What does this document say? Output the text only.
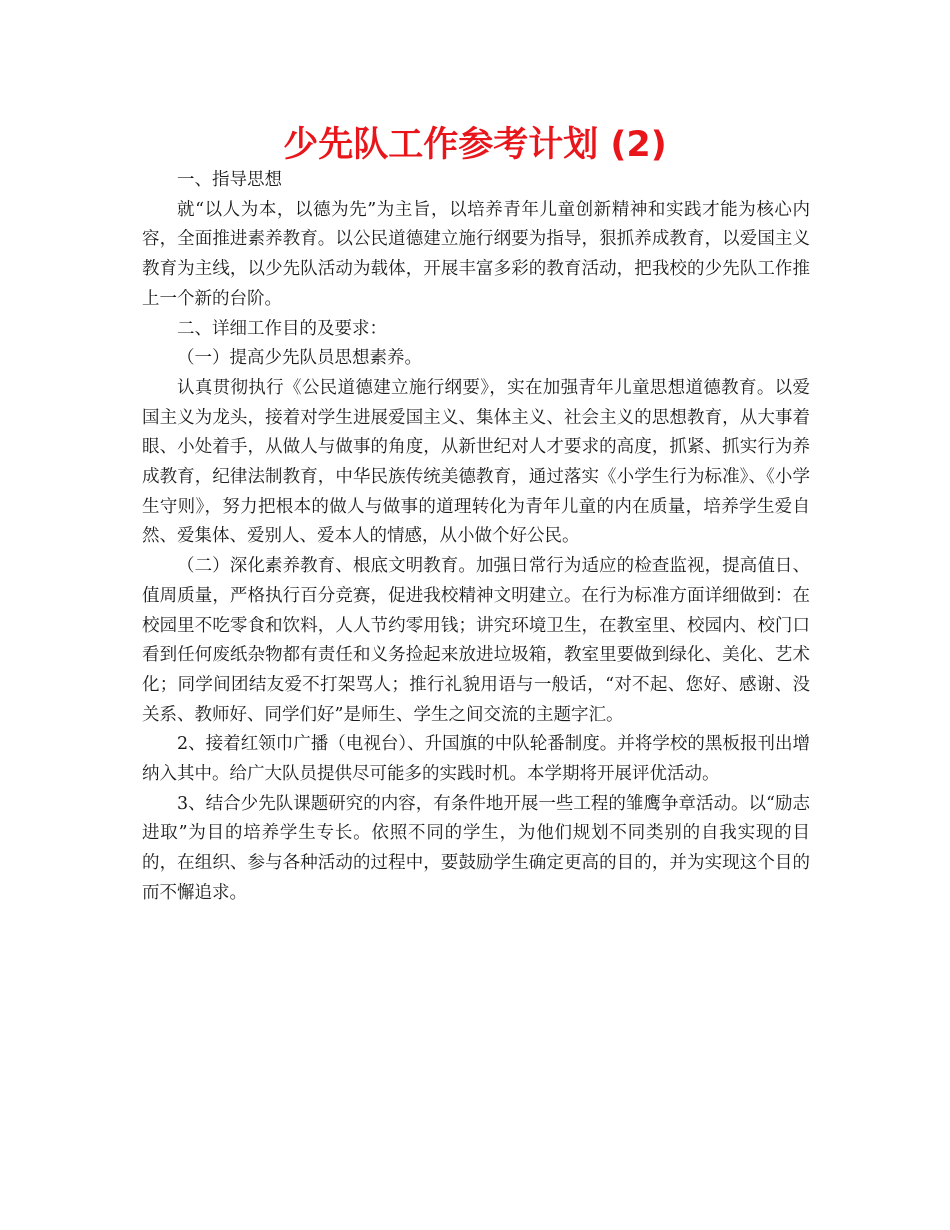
少先队工作参考计划 (2)

一、指导思想

就“以人为本，以德为先”为主旨，以培养青年儿童创新精神和实践才能为核心内容，全面推进素养教育。以公民道德建立施行纲要为指导，狠抓养成教育，以爱国主义教育为主线，以少先队活动为载体，开展丰富多彩的教育活动，把我校的少先队工作推上一个新的台阶。

二、详细工作目的及要求：

（一）提高少先队员思想素养。

认真贯彻执行《公民道德建立施行纲要》，实在加强青年儿童思想道德教育。以爱国主义为龙头，接着对学生进展爱国主义、集体主义、社会主义的思想教育，从大事着眼、小处着手，从做人与做事的角度，从新世纪对人才要求的高度，抓紧、抓实行为养成教育，纪律法制教育，中华民族传统美德教育，通过落实《小学生行为标准》、《小学生守则》，努力把根本的做人与做事的道理转化为青年儿童的内在质量，培养学生爱自然、爱集体、爱别人、爱本人的情感，从小做个好公民。

（二）深化素养教育、根底文明教育。加强日常行为适应的检查监视，提高值日、值周质量，严格执行百分竞赛，促进我校精神文明建立。在行为标准方面详细做到：在校园里不吃零食和饮料，人人节约零用钱；讲究环境卫生，在教室里、校园内、校门口看到任何废纸杂物都有责任和义务捡起来放进垃圾箱，教室里要做到绿化、美化、艺术化；同学间团结友爱不打架骂人；推行礼貌用语与一般话，“对不起、您好、感谢、没关系、教师好、同学们好”是师生、学生之间交流的主题字汇。

2、接着红领巾广播（电视台）、升国旗的中队轮番制度。并将学校的黑板报刊出增纳入其中。给广大队员提供尽可能多的实践时机。本学期将开展评优活动。

3、结合少先队课题研究的内容，有条件地开展一些工程的雏鹰争章活动。以“励志进取”为目的培养学生专长。依照不同的学生，为他们规划不同类别的自我实现的目的，在组织、参与各种活动的过程中，要鼓励学生确定更高的目的，并为实现这个目的而不懈追求。
